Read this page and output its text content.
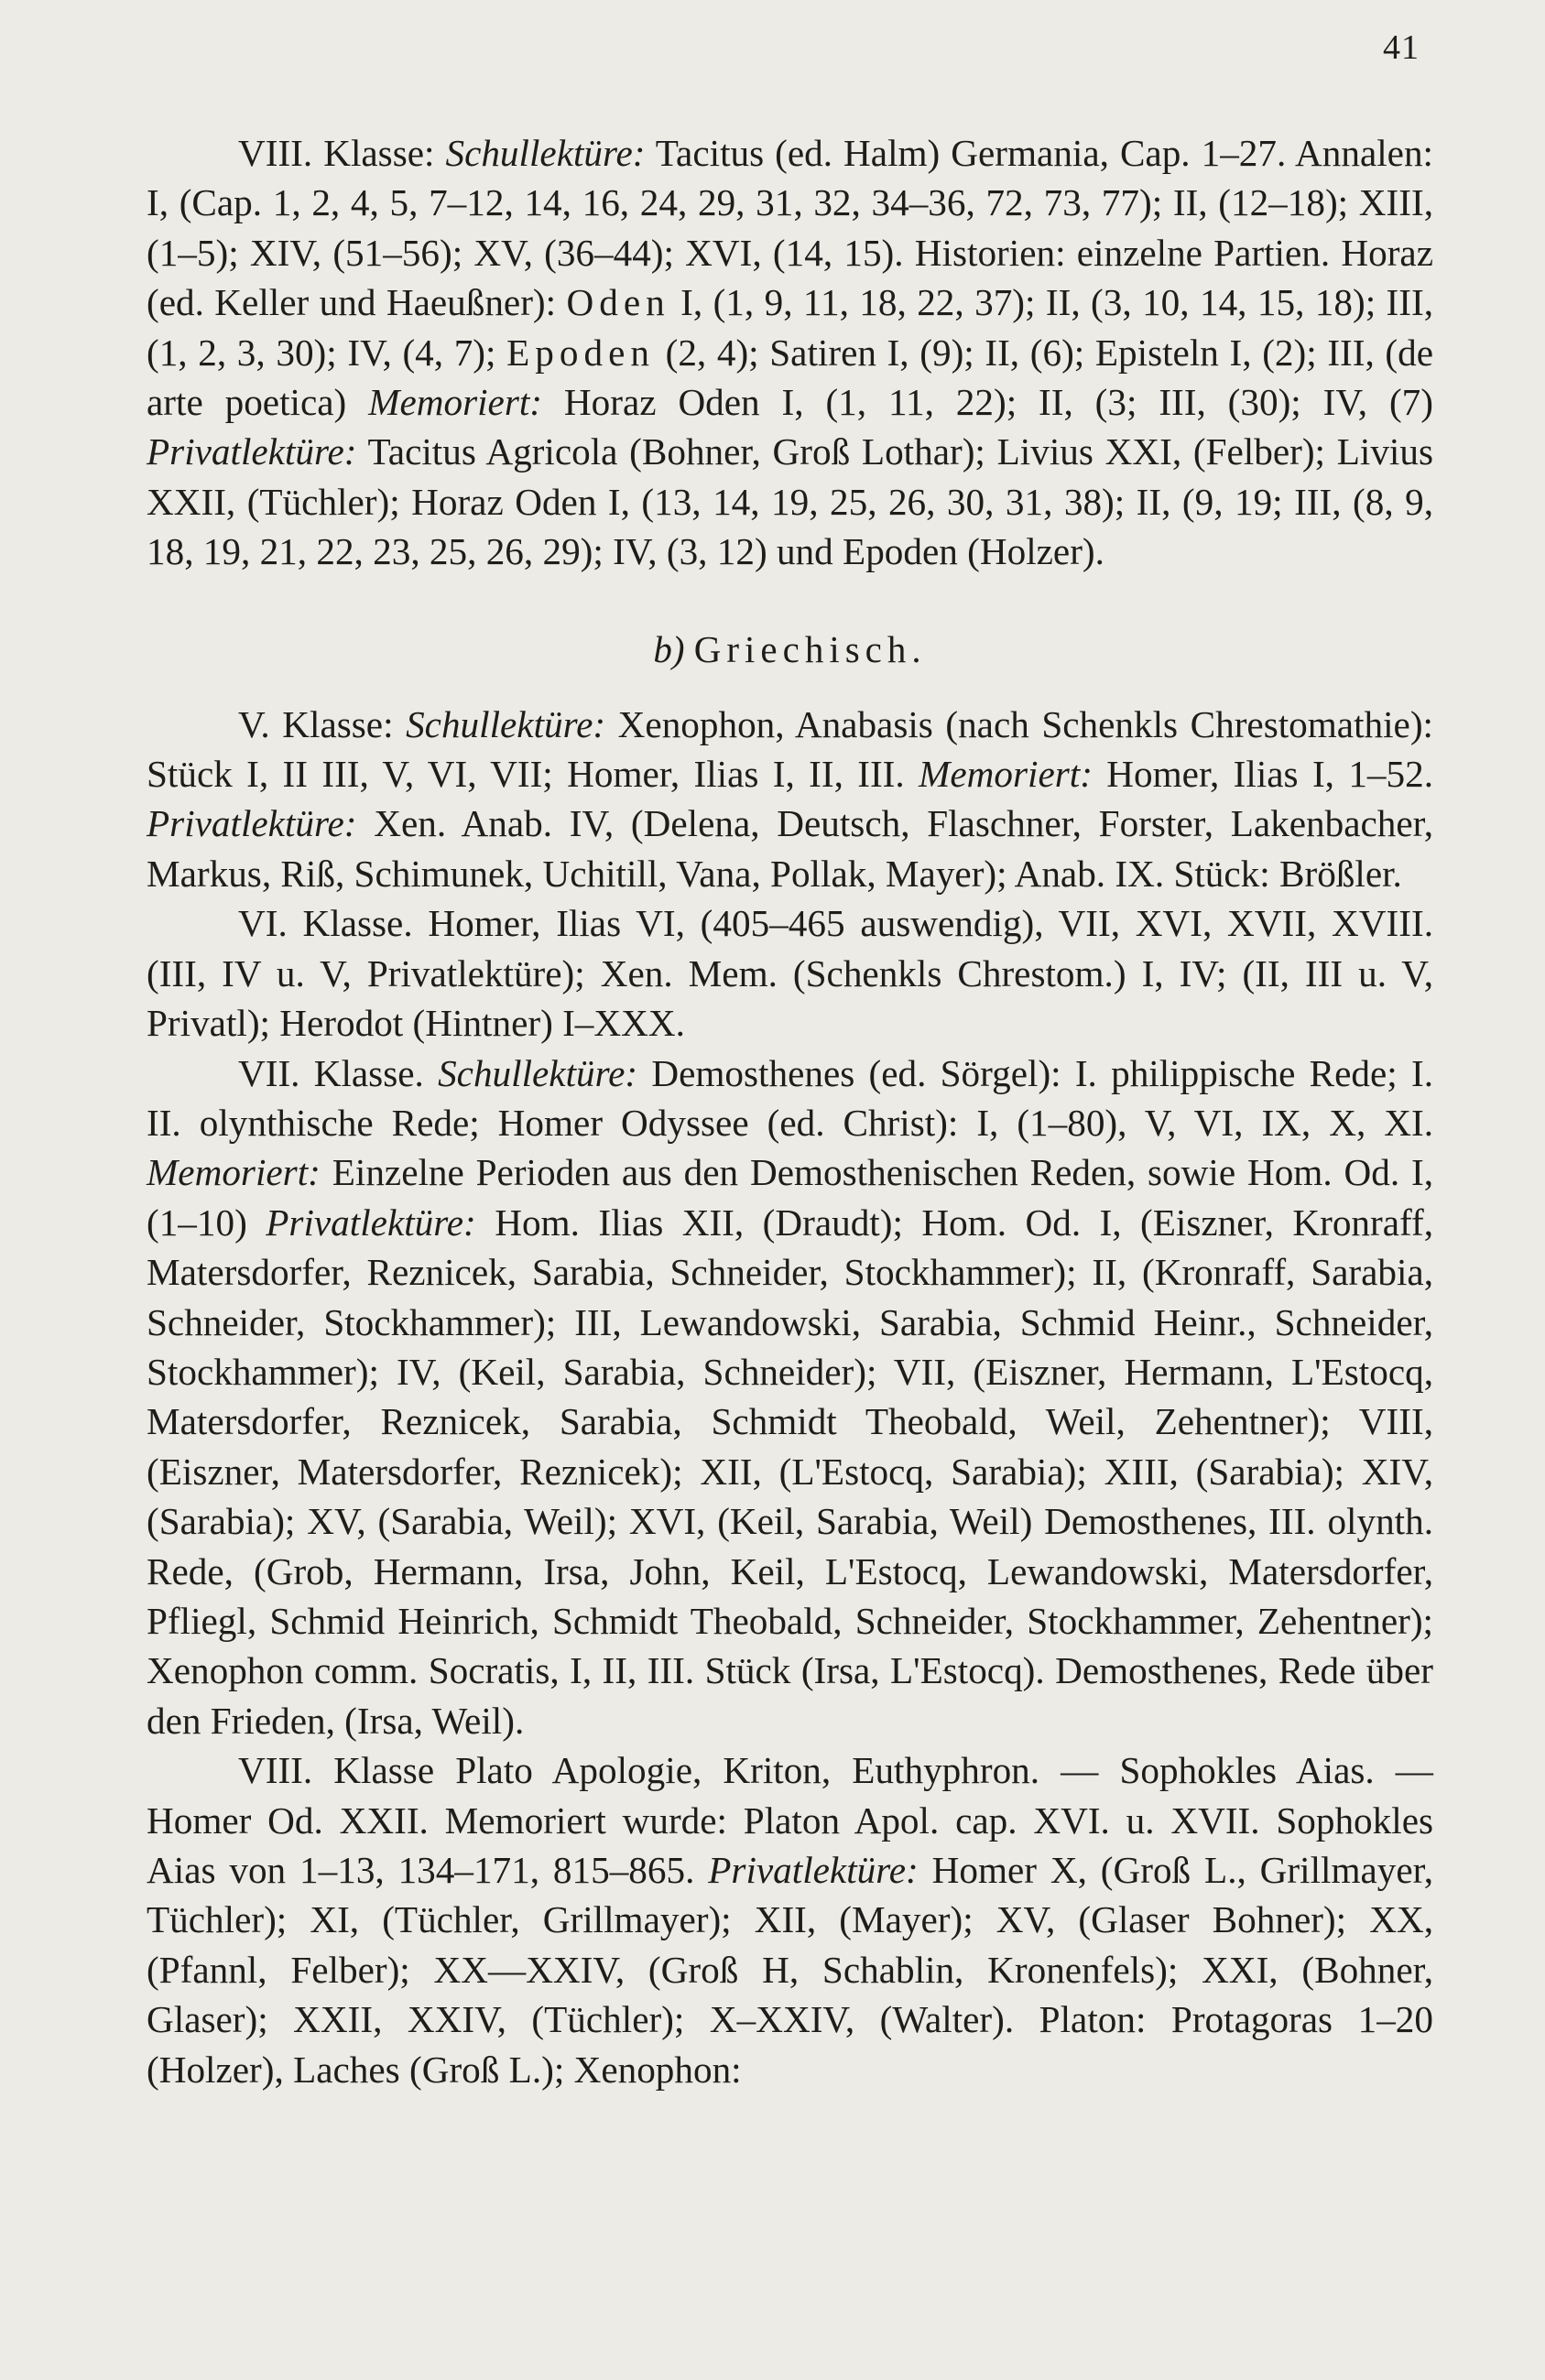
41

VIII. Klasse: Schullektüre: Tacitus (ed. Halm) Germania, Cap. 1–27. Annalen: I, (Cap. 1, 2, 4, 5, 7–12, 14, 16, 24, 29, 31, 32, 34–36, 72, 73, 77); II, (12–18); XIII, (1–5); XIV, (51–56); XV, (36–44); XVI, (14, 15). Historien: einzelne Partien. Horaz (ed. Keller und Haeußner): Oden I, (1, 9, 11, 18, 22, 37); II, (3, 10, 14, 15, 18); III, (1, 2, 3, 30); IV, (4, 7); Epoden (2, 4); Satiren I, (9); II, (6); Episteln I, (2); III, (de arte poetica) Memoriert: Horaz Oden I, (1, 11, 22); II, (3; III, (30); IV, (7) Privatlektüre: Tacitus Agricola (Bohner, Groß Lothar); Livius XXI, (Felber); Livius XXII, (Tüchler); Horaz Oden I, (13, 14, 19, 25, 26, 30, 31, 38); II, (9, 19; III, (8, 9, 18, 19, 21, 22, 23, 25, 26, 29); IV, (3, 12) und Epoden (Holzer).

b) Griechisch.

V. Klasse: Schullektüre: Xenophon, Anabasis (nach Schenkls Chrestomathie): Stück I, II III, V, VI, VII; Homer, Ilias I, II, III. Memoriert: Homer, Ilias I, 1–52. Privatlektüre: Xen. Anab. IV, (Delena, Deutsch, Flaschner, Forster, Lakenbacher, Markus, Riß, Schimunek, Uchitill, Vana, Pollak, Mayer); Anab. IX. Stück: Brößler.

VI. Klasse. Homer, Ilias VI, (405–465 auswendig), VII, XVI, XVII, XVIII. (III, IV u. V, Privatlektüre); Xen. Mem. (Schenkls Chrestom.) I, IV; (II, III u. V, Privatl); Herodot (Hintner) I–XXX.

VII. Klasse. Schullektüre: Demosthenes (ed. Sörgel): I. philippische Rede; I. II. olynthische Rede; Homer Odyssee (ed. Christ): I, (1–80), V, VI, IX, X, XI. Memoriert: Einzelne Perioden aus den Demosthenischen Reden, sowie Hom. Od. I, (1–10) Privatlektüre: Hom. Ilias XII, (Draudt); Hom. Od. I, (Eiszner, Kronraff, Matersdorfer, Reznicek, Sarabia, Schneider, Stockhammer); II, (Kronraff, Sarabia, Schneider, Stockhammer); III, Lewandowski, Sarabia, Schmid Heinr., Schneider, Stockhammer); IV, (Keil, Sarabia, Schneider); VII, (Eiszner, Hermann, L'Estocq, Matersdorfer, Reznicek, Sarabia, Schmidt Theobald, Weil, Zehentner); VIII, (Eiszner, Matersdorfer, Reznicek); XII, (L'Estocq, Sarabia); XIII, (Sarabia); XIV, (Sarabia); XV, (Sarabia, Weil); XVI, (Keil, Sarabia, Weil) Demosthenes, III. olynth. Rede, (Grob, Hermann, Irsa, John, Keil, L'Estocq, Lewandowski, Matersdorfer, Pfliegl, Schmid Heinrich, Schmidt Theobald, Schneider, Stockhammer, Zehentner); Xenophon comm. Socratis, I, II, III. Stück (Irsa, L'Estocq). Demosthenes, Rede über den Frieden, (Irsa, Weil).

VIII. Klasse Plato Apologie, Kriton, Euthyphron. — Sophokles Aias. — Homer Od. XXII. Memoriert wurde: Platon Apol. cap. XVI. u. XVII. Sophokles Aias von 1–13, 134–171, 815–865. Privatlektüre: Homer X, (Groß L., Grillmayer, Tüchler); XI, (Tüchler, Grillmayer); XII, (Mayer); XV, (Glaser Bohner); XX, (Pfannl, Felber); XX—XXIV, (Groß H, Schablin, Kronenfels); XXI, (Bohner, Glaser); XXII, XXIV, (Tüchler); X–XXIV, (Walter). Platon: Protagoras 1–20 (Holzer), Laches (Groß L.); Xenophon:
